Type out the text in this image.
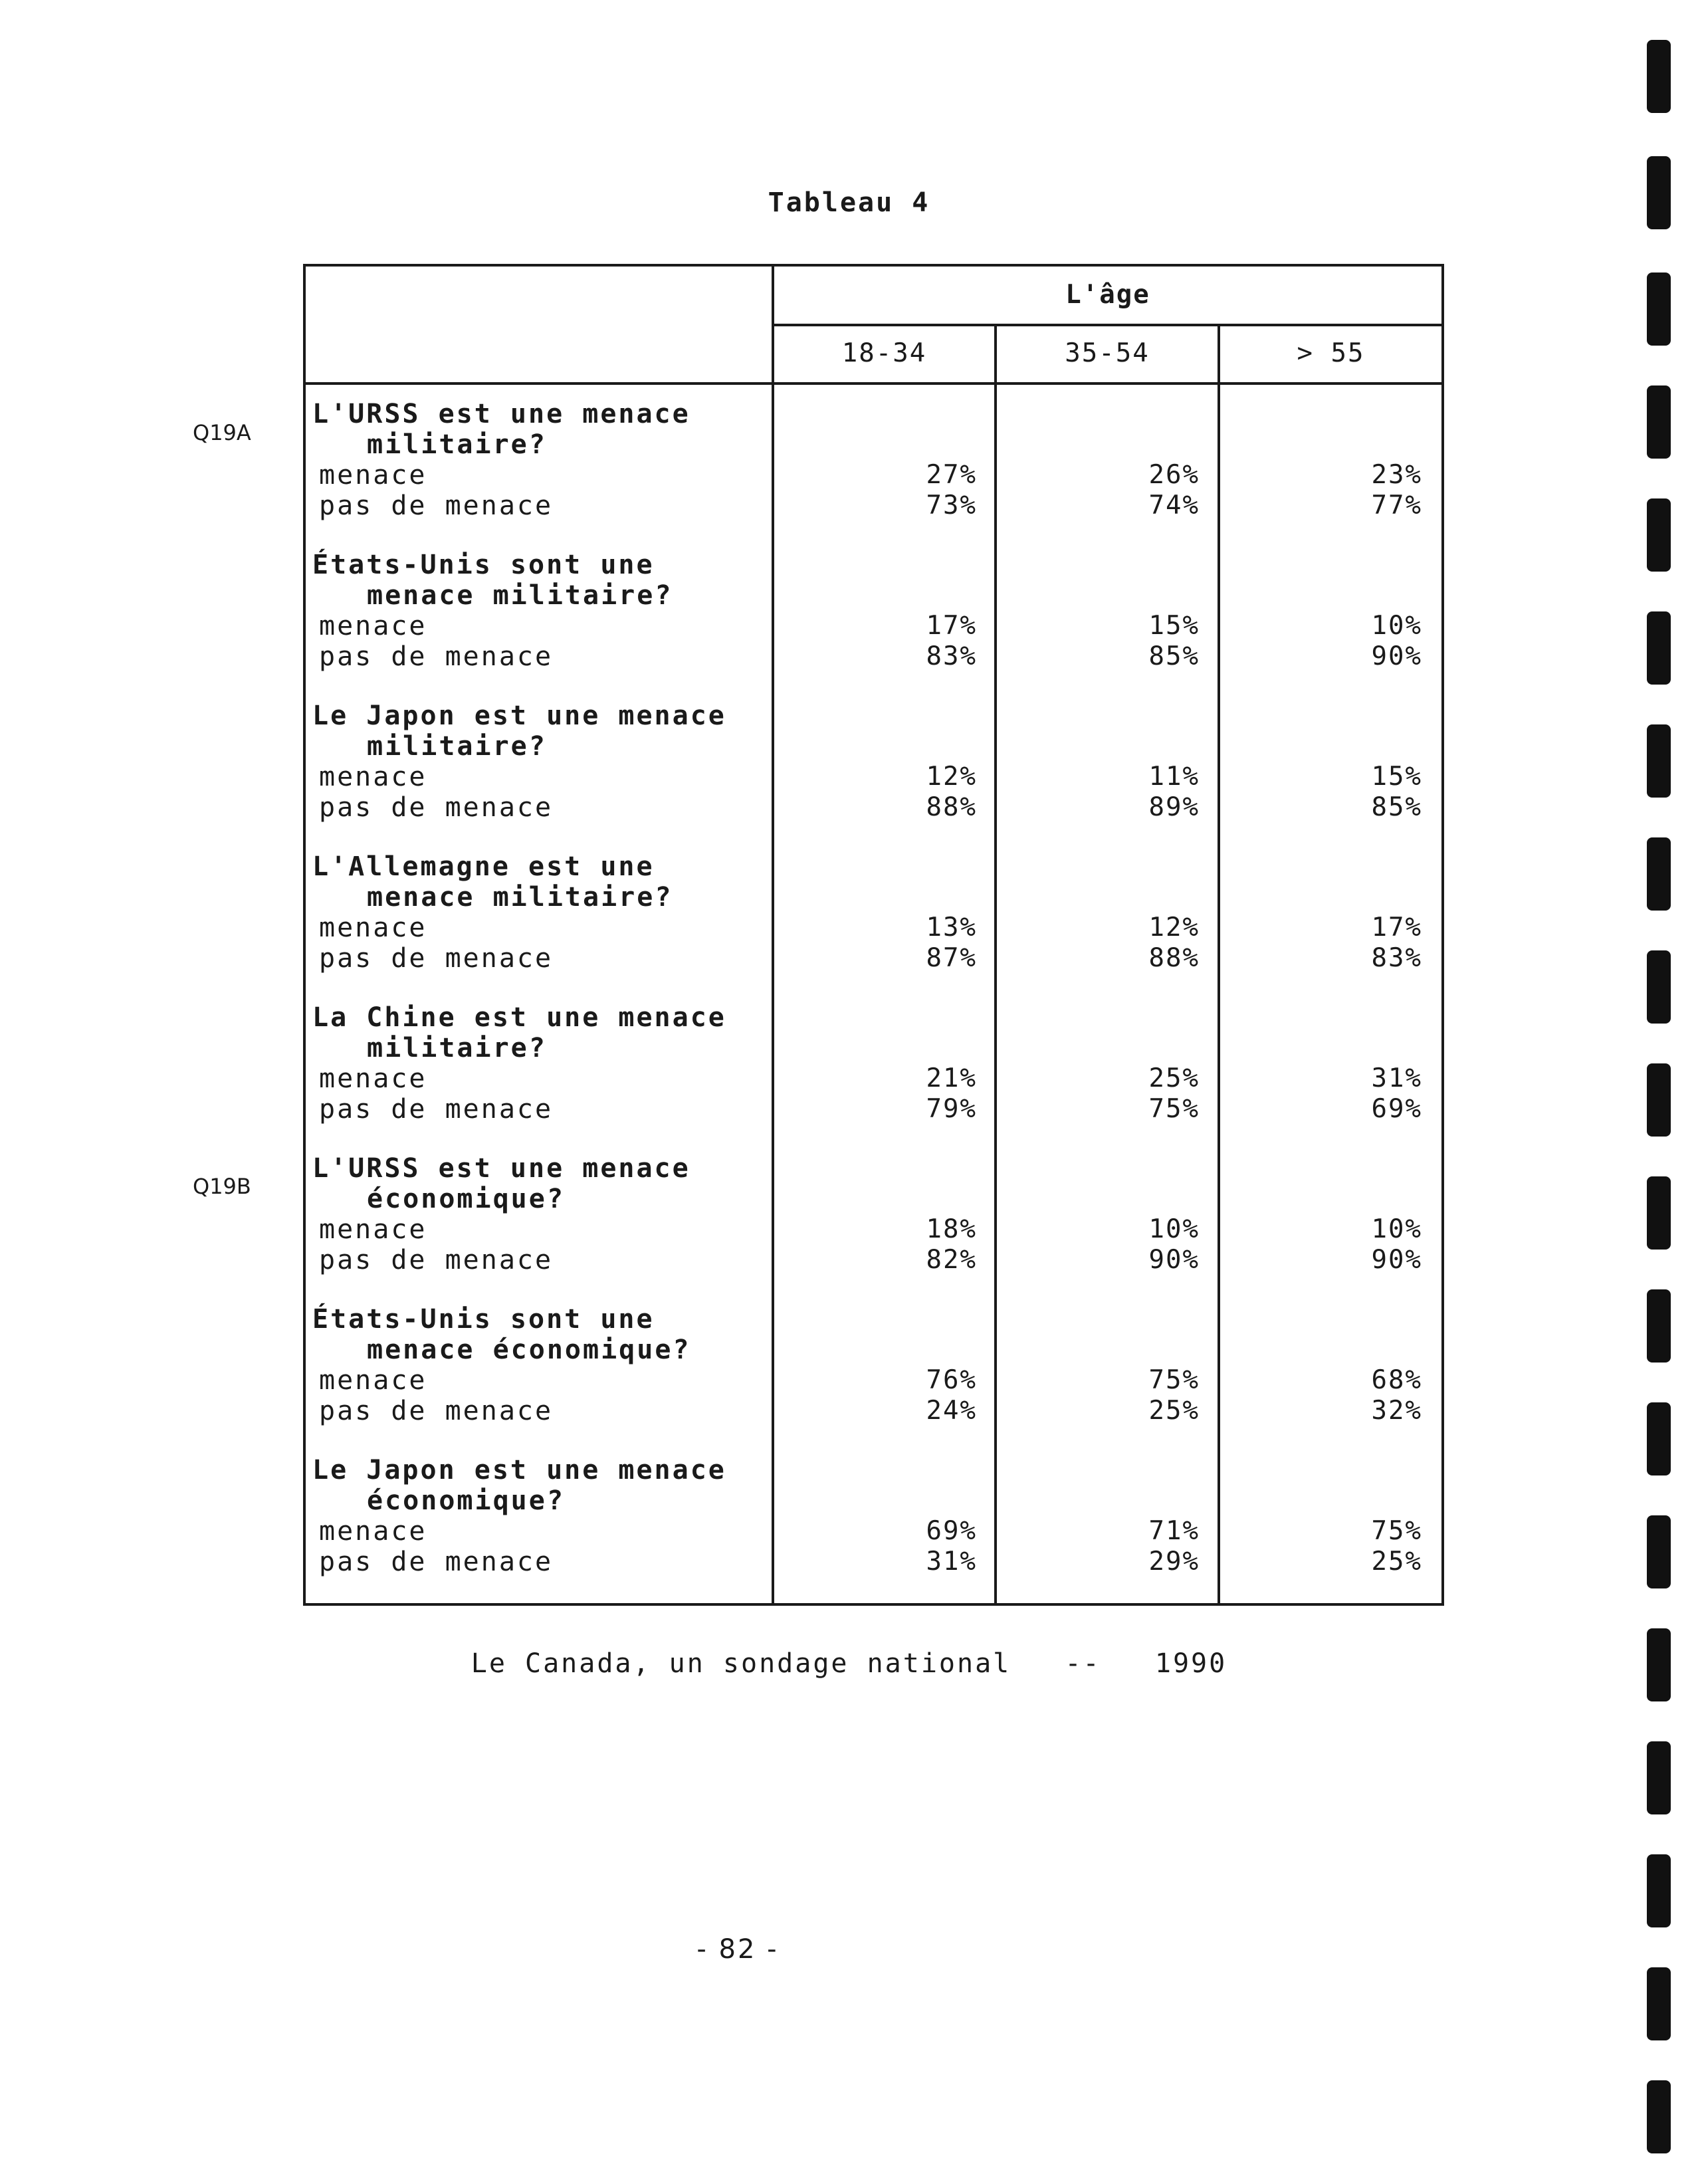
Tableau 4
L'âge
18-34	35-54	> 55
Q19A
Q19B
L'URSS est une menace
militaire?
menace	27%	26%	23%
pas de menace	73%	74%	77%
États-Unis sont une
menace militaire?
menace	17%	15%	10%
pas de menace	83%	85%	90%
Le Japon est une menace
militaire?
menace	12%	11%	15%
pas de menace	88%	89%	85%
L'Allemagne est une
menace militaire?
menace	13%	12%	17%
pas de menace	87%	88%	83%
La Chine est une menace
militaire?
menace	21%	25%	31%
pas de menace	79%	75%	69%
L'URSS est une menace
économique?
menace	18%	10%	10%
pas de menace	82%	90%	90%
États-Unis sont une
menace économique?
menace	76%	75%	68%
pas de menace	24%	25%	32%
Le Japon est une menace
économique?
menace	69%	71%	75%
pas de menace	31%	29%	25%
Le Canada, un sondage national   --   1990
- 82 -
